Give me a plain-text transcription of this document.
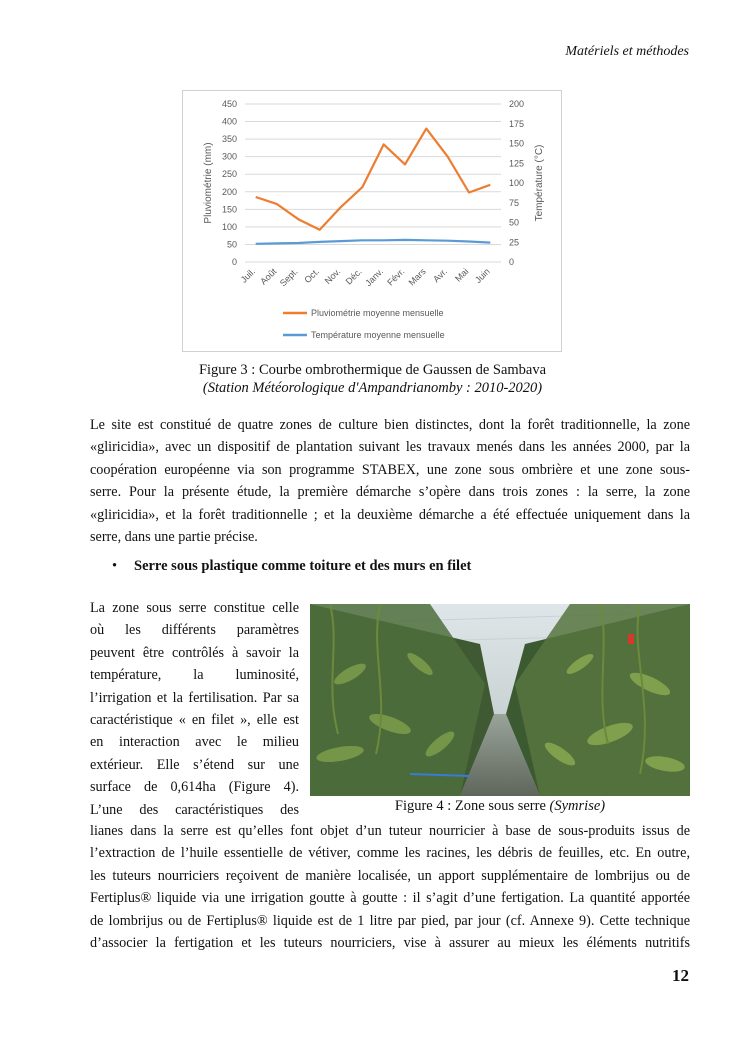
Matériels et méthodes
0
50
100
150
200
250
300
350
400
450
0
25
50
75
100
125
150
175
200
Juil. Août Sept. Oct. Nov. Déc. Janv. Févr. Mars Avr. Mai Juin
Pluviométrie (mm)	Température (°C)
Pluviométrie moyenne mensuelle
Température moyenne mensuelle
Figure 3 : Courbe ombrothermique de Gaussen de Sambava
(Station Météorologique d'Ampandrianomby : 2010-2020)
Le site est constitué de quatre zones de culture bien distinctes, dont la forêt traditionnelle, la zone
«gliricidia», avec un dispositif de plantation suivant les travaux menés dans les années 2000, par la
coopération européenne via son programme STABEX, une zone sous ombrière et une zone sous-
serre. Pour la présente étude, la première démarche s’opère dans trois zones : la serre, la zone
«gliricidia», et la forêt traditionnelle ; et la deuxième démarche a été effectuée uniquement dans la
serre, dans une partie précise.
• Serre sous plastique comme toiture et des murs en filet
La zone sous serre constitue celle
où les différents paramètres
peuvent être contrôlés à savoir la
température, la luminosité,
l’irrigation et la fertilisation. Par sa
caractéristique « en filet », elle est
en interaction avec le milieu
extérieur. Elle s’étend sur une
surface de 0,614ha (Figure 4).
L’une des caractéristiques des	Figure 4 : Zone sous serre (Symrise)
lianes dans la serre est qu’elles font objet d’un tuteur nourricier à base de sous-produits issus de
l’extraction de l’huile essentielle de vétiver, comme les racines, les débris de feuilles, etc. En outre,
les tuteurs nourriciers reçoivent de manière localisée, un apport supplémentaire de lombrijus ou de
Fertiplus® liquide via une irrigation goutte à goutte : il s’agit d’une fertigation. La quantité apportée
de lombrijus ou de Fertiplus® liquide est de 1 litre par pied, par jour (cf. Annexe 9). Cette technique
d’associer la fertigation et les tuteurs nourriciers, vise à assurer au mieux les éléments nutritifs
12
